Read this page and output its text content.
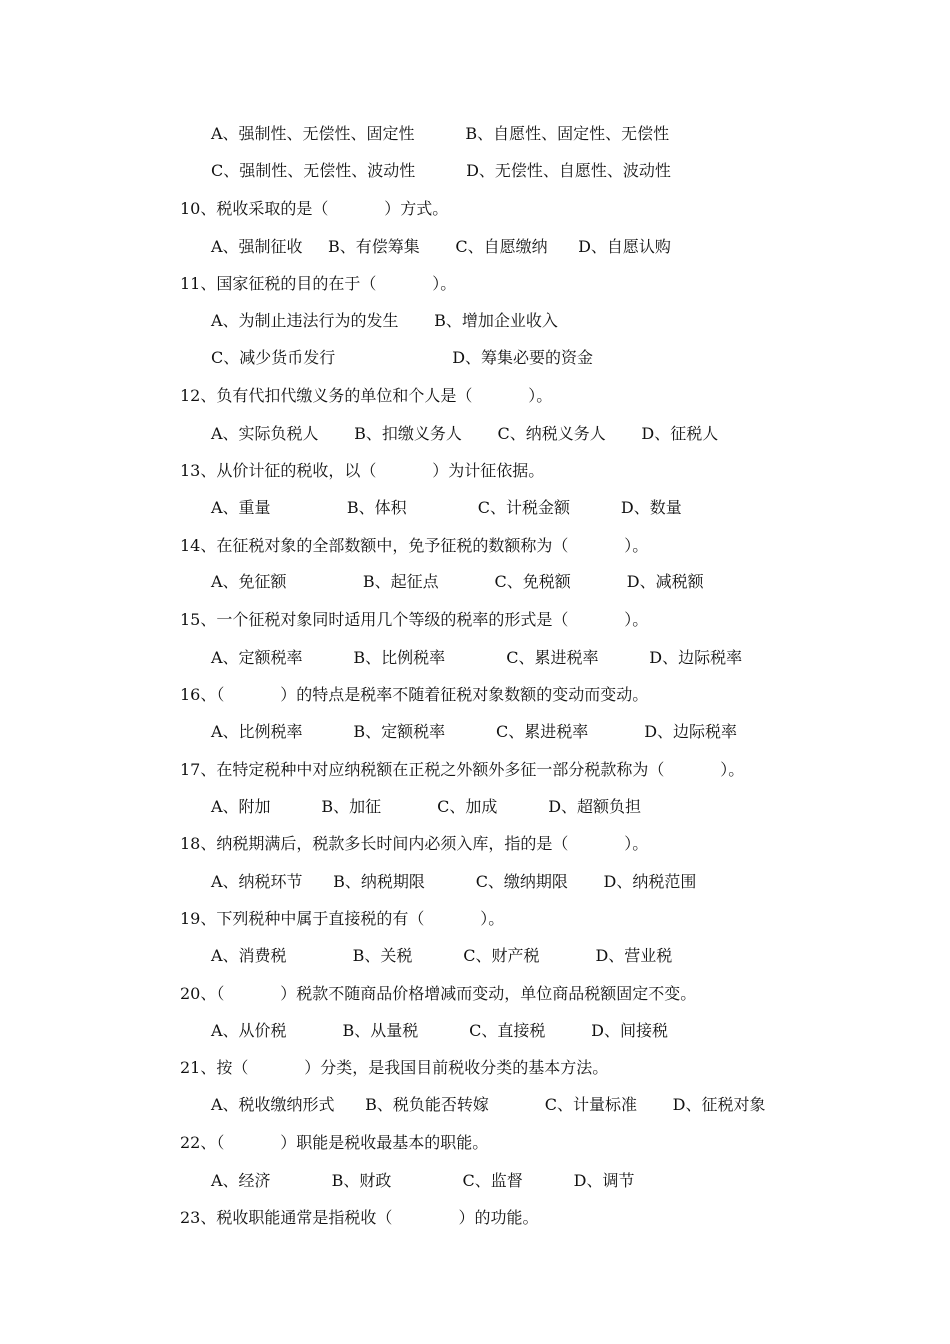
A、强制性、无偿性、固定性          B、自愿性、固定性、无偿性
C、强制性、无偿性、波动性          D、无偿性、自愿性、波动性
10、税收采取的是（           ）方式。
A、强制征收     B、有偿筹集       C、自愿缴纳      D、自愿认购
11、国家征税的目的在于（           ）。
A、为制止违法行为的发生       B、增加企业收入
C、减少货币发行                       D、筹集必要的资金
12、负有代扣代缴义务的单位和个人是（           ）。
A、实际负税人       B、扣缴义务人       C、纳税义务人       D、征税人
13、从价计征的税收，以（           ）为计征依据。
A、重量               B、体积              C、计税金额          D、数量
14、在征税对象的全部数额中，免予征税的数额称为（           ）。
A、免征额               B、起征点           C、免税额           D、减税额
15、一个征税对象同时适用几个等级的税率的形式是（           ）。
A、定额税率          B、比例税率            C、累进税率          D、边际税率
16、（           ）的特点是税率不随着征税对象数额的变动而变动。
A、比例税率          B、定额税率          C、累进税率           D、边际税率
17、在特定税种中对应纳税额在正税之外额外多征一部分税款称为（           ）。
A、附加          B、加征           C、加成          D、超额负担
18、纳税期满后，税款多长时间内必须入库，指的是（           ）。
A、纳税环节      B、纳税期限          C、缴纳期限       D、纳税范围
19、下列税种中属于直接税的有（           ）。
A、消费税             B、关税          C、财产税           D、营业税
20、（           ）税款不随商品价格增减而变动，单位商品税额固定不变。
A、从价税           B、从量税          C、直接税         D、间接税
21、按（           ）分类，是我国目前税收分类的基本方法。
A、税收缴纳形式      B、税负能否转嫁           C、计量标准       D、征税对象
22、（           ）职能是税收最基本的职能。
A、经济            B、财政              C、监督          D、调节
23、税收职能通常是指税收（             ）的功能。
